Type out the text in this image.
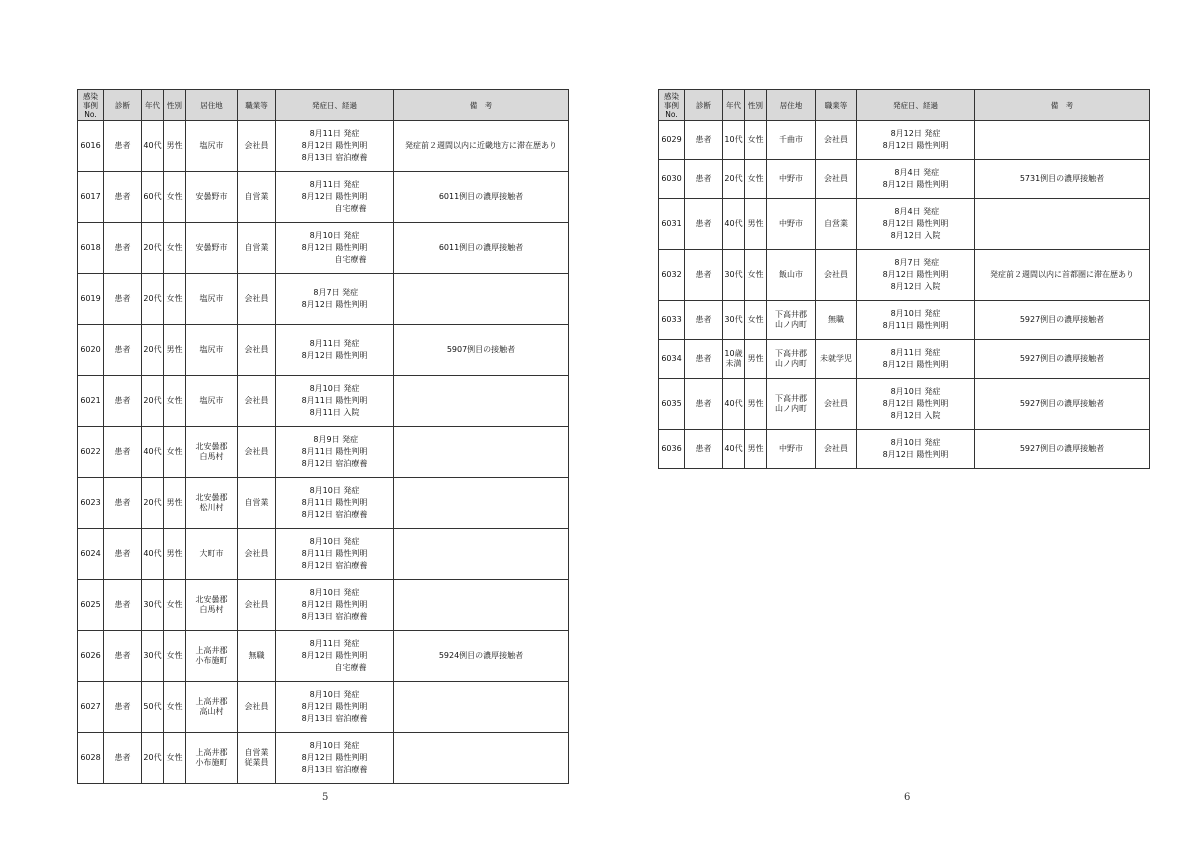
感染
事例
No.	診断	年代	性別	居住地	職業等	発症日、経過	備　考
6016	患者	40代	男性	塩尻市	会社員	8月11日 発症
8月12日 陽性判明
8月13日 宿泊療養	発症前２週間以内に近畿地方に滞在歴あり
6017	患者	60代	女性	安曇野市	自営業	8月11日 発症
8月12日 陽性判明
　　　　自宅療養	6011例目の濃厚接触者
6018	患者	20代	女性	安曇野市	自営業	8月10日 発症
8月12日 陽性判明
　　　　自宅療養	6011例目の濃厚接触者
6019	患者	20代	女性	塩尻市	会社員	8月7日 発症
8月12日 陽性判明	
6020	患者	20代	男性	塩尻市	会社員	8月11日 発症
8月12日 陽性判明	5907例目の接触者
6021	患者	20代	女性	塩尻市	会社員	8月10日 発症
8月11日 陽性判明
8月11日 入院	
6022	患者	40代	女性	北安曇郡
白馬村	会社員	8月9日 発症
8月11日 陽性判明
8月12日 宿泊療養	
6023	患者	20代	男性	北安曇郡
松川村	自営業	8月10日 発症
8月11日 陽性判明
8月12日 宿泊療養	
6024	患者	40代	男性	大町市	会社員	8月10日 発症
8月11日 陽性判明
8月12日 宿泊療養	
6025	患者	30代	女性	北安曇郡
白馬村	会社員	8月10日 発症
8月12日 陽性判明
8月13日 宿泊療養	
6026	患者	30代	女性	上高井郡
小布施町	無職	8月11日 発症
8月12日 陽性判明
　　　　自宅療養	5924例目の濃厚接触者
6027	患者	50代	女性	上高井郡
高山村	会社員	8月10日 発症
8月12日 陽性判明
8月13日 宿泊療養	
6028	患者	20代	女性	上高井郡
小布施町	自営業
従業員	8月10日 発症
8月12日 陽性判明
8月13日 宿泊療養	
5
感染
事例
No.	診断	年代	性別	居住地	職業等	発症日、経過	備　考
6029	患者	10代	女性	千曲市	会社員	8月12日 発症
8月12日 陽性判明	
6030	患者	20代	女性	中野市	会社員	8月4日 発症
8月12日 陽性判明	5731例目の濃厚接触者
6031	患者	40代	男性	中野市	自営業	8月4日 発症
8月12日 陽性判明
8月12日 入院	
6032	患者	30代	女性	飯山市	会社員	8月7日 発症
8月12日 陽性判明
8月12日 入院	発症前２週間以内に首都圏に滞在歴あり
6033	患者	30代	女性	下高井郡
山ノ内町	無職	8月10日 発症
8月11日 陽性判明	5927例目の濃厚接触者
6034	患者	10歳
未満	男性	下高井郡
山ノ内町	未就学児	8月11日 発症
8月12日 陽性判明	5927例目の濃厚接触者
6035	患者	40代	男性	下高井郡
山ノ内町	会社員	8月10日 発症
8月12日 陽性判明
8月12日 入院	5927例目の濃厚接触者
6036	患者	40代	男性	中野市	会社員	8月10日 発症
8月12日 陽性判明	5927例目の濃厚接触者
6
